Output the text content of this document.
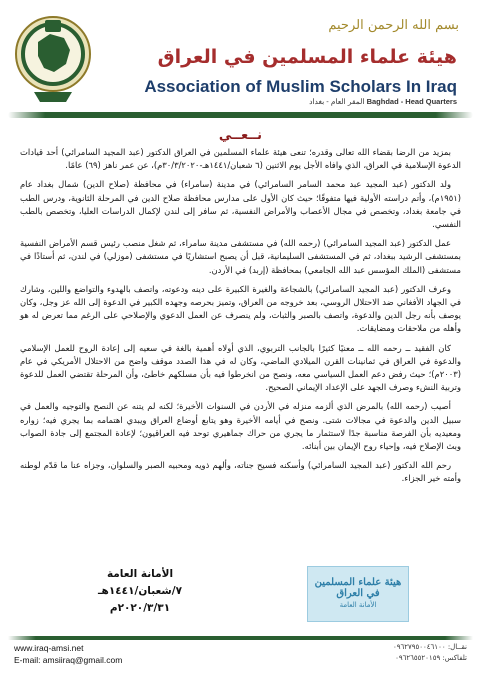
بسم الله الرحمن الرحيم
هيئة علماء المسلمين في العراق
Association of Muslim Scholars In Iraq
المقر العام - بغداد Baghdad - Head Quarters
نــعــي

بمزيد من الرضا بقضاء الله تعالى وقدره؛ تنعى هيئة علماء المسلمين في العراق الدكتور (عبد المجيد السامرائي) أحد قيادات الدعوة الإسلامية في العراق، الذي وافاه الأجل يوم الاثنين (٦ شعبان/١٤٤١هـ-٣٠/٣/٢٠٢٠م)، عن عمر ناهز (٦٩) عامًا.

ولد الدكتور (عبد المجيد عبد محمد السامر السامرائي) في مدينة (سامراء) في محافظة (صلاح الدين) شمال بغداد عام (١٩٥١م)، وأتم دراسته الأولية فيها متفوقًا؛ حيث كان الأول على مدارس محافظة صلاح الدين في المرحلة الثانوية، ودرس الطب في جامعة بغداد، وتخصص في مجال الأعصاب والأمراض النفسية، ثم سافر إلى لندن لإكمال الدراسات العليا، وتخصص بالطب النفسي.

عمل الدكتور (عبد المجيد السامرائي) (رحمه الله) في مستشفى مدينة سامراء، ثم شغل منصب رئيس قسم الأمراض النفسية بمستشفى الرشيد ببغداد، ثم في المستشفى السليمانية، قبل أن يصبح استشاريًا في مستشفى (موزلي) في لندن، ثم أستاذًا في مستشفى (الملك المؤسس عبد الله الجامعي) بمحافظة (إربد) في الأردن.

وعرف الدكتور (عبد المجيد السامرائي) بالشجاعة والغيرة الكبيرة على دينه ودعوته، واتصف بالهدوء والتواضع واللين، وشارك في الجهاد الأفغاني ضد الاحتلال الروسي، بعد خروجه من العراق، وتميز بحرصه وجهده الكبير في الدعوة إلى الله عز وجل، وكان يوصف بأنه رجل الدين والدعوة، واتصف بالصبر والثبات، ولم ينصرف عن العمل الدعوي والإصلاحي على الرغم مما تعرض له هو وأهله من ملاحقات ومضايقات.

كان الفقيد ــ رحمه الله ــ معنيًا كثيرًا بالجانب التربوي، الذي أولاه أهمية بالغة في سعيه إلى إعادة الروح للعمل الإسلامي والدعوة في العراق في ثمانينات القرن الميلادي الماضي، وكان له في هذا الصدد موقف واضح من الاحتلال الأمريكي في عام (٢٠٠٣م)؛ حيث رفض دعم العمل السياسي معه، ونصح من انخرطوا فيه بأن مسلكهم خاطئ، وأن المرحلة تقتضي العمل للدعوة وتربية النشء وصرف الجهد على الإعداد الإيماني الصحيح.

أصيب (رحمه الله) بالمرض الذي ألزمه منزله في الأردن في السنوات الأخيرة؛ لكنه لم يتنه عن النصح والتوجيه والعمل في سبيل الدين والدعوة في مجالات شتى. ونصح في أيامه الأخيرة وهو يتابع أوضاع العراق ويبدي اهتمامه بما يجري فيه؛ زواره ومعيديه بأن الفرصة مناسبة جدًا لاستثمار ما يجري من حراك جماهيري توحد فيه العراقيون؛ لإعادة المجتمع إلى جادة الصواب وبث الإصلاح فيه، وإحياء روح الإيمان بين أبنائه.

رحم الله الدكتور (عبد المجيد السامرائي) وأسكنه فسيح جناته، وألهم ذويه ومحبيه الصبر والسلوان، وجزاه عنا ما قدّم لوطنه وأمته خير الجزاء.

الأمانة العامة
٧/شعبان/١٤٤١هـ
٢٠٢٠/٣/٣١م
هيئة علماء المسلمين في العراق
الأمانة العامة
www.iraq-amsi.net
E-mail: amsiiraq@gmail.com
نقــال: ٠٩٦٢٧٩٥٠٠٤٦١٠٠
تلفاكس: ٠٩٦٢٦٥٥٢٠١٥٩
